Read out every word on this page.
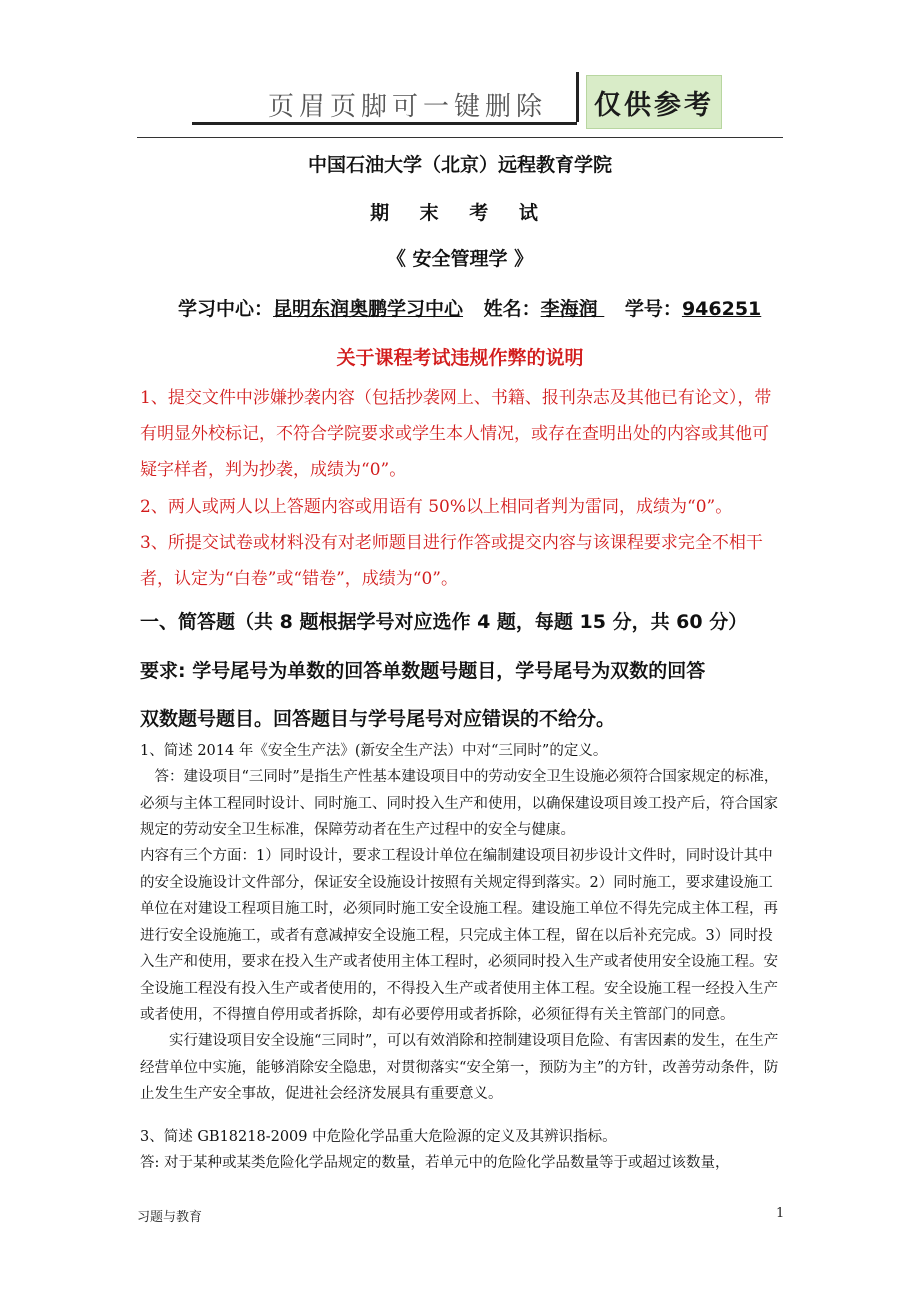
页眉页脚可一键删除	仅供参考
中国石油大学（北京）远程教育学院
期 末 考 试
《 安全管理学 》
学习中心：昆明东润奥鹏学习中心 姓名：李海润  学号：946251
关于课程考试违规作弊的说明
1、提交文件中涉嫌抄袭内容（包括抄袭网上、书籍、报刊杂志及其他已有论文），带有明显外校标记，不符合学院要求或学生本人情况，或存在查明出处的内容或其他可疑字样者，判为抄袭，成绩为“0”。
2、两人或两人以上答题内容或用语有 50%以上相同者判为雷同，成绩为“0”。
3、所提交试卷或材料没有对老师题目进行作答或提交内容与该课程要求完全不相干者，认定为“白卷”或“错卷”，成绩为“0”。
一、简答题（共 8 题根据学号对应选作 4 题，每题 15 分，共 60 分）
要求: 学号尾号为单数的回答单数题号题目，学号尾号为双数的回答
双数题号题目。回答题目与学号尾号对应错误的不给分。
1、简述 2014 年《安全生产法》(新安全生产法）中对“三同时”的定义。
答：建设项目“三同时”是指生产性基本建设项目中的劳动安全卫生设施必须符合国家规定的标准，必须与主体工程同时设计、同时施工、同时投入生产和使用，以确保建设项目竣工投产后，符合国家规定的劳动安全卫生标准，保障劳动者在生产过程中的安全与健康。
内容有三个方面：1）同时设计，要求工程设计单位在编制建设项目初步设计文件时，同时设计其中的安全设施设计文件部分，保证安全设施设计按照有关规定得到落实。2）同时施工，要求建设施工单位在对建设工程项目施工时，必须同时施工安全设施工程。建设施工单位不得先完成主体工程，再进行安全设施施工，或者有意减掉安全设施工程，只完成主体工程，留在以后补充完成。3）同时投入生产和使用，要求在投入生产或者使用主体工程时，必须同时投入生产或者使用安全设施工程。安全设施工程没有投入生产或者使用的，不得投入生产或者使用主体工程。安全设施工程一经投入生产或者使用，不得擅自停用或者拆除，却有必要停用或者拆除，必须征得有关主管部门的同意。
实行建设项目安全设施“三同时”，可以有效消除和控制建设项目危险、有害因素的发生，在生产经营单位中实施，能够消除安全隐患，对贯彻落实“安全第一，预防为主”的方针，改善劳动条件，防止发生生产安全事故，促进社会经济发展具有重要意义。
3、简述 GB18218-2009 中危险化学品重大危险源的定义及其辨识指标。
答: 对于某种或某类危险化学品规定的数量，若单元中的危险化学品数量等于或超过该数量，
习题与教育	1
